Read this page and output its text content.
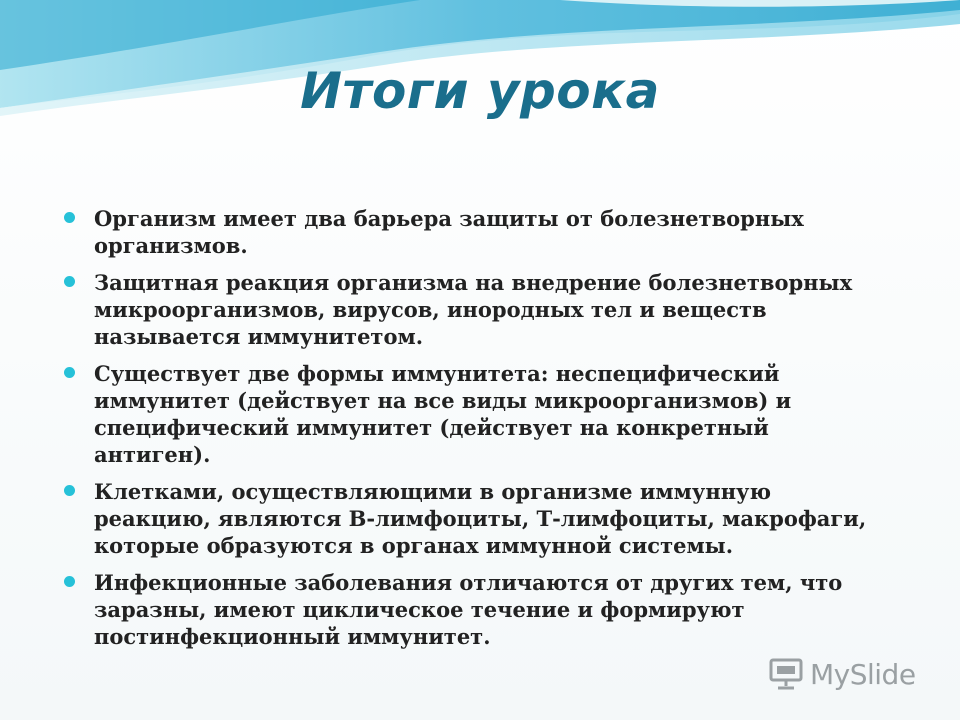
Итоги урока
Организм имеет два барьера защиты от болезнетворных организмов.
Защитная реакция организма на внедрение болезнетворных микроорганизмов, вирусов, инородных тел и веществ называется иммунитетом.
Существует две формы иммунитета: неспецифический иммунитет (действует на все виды микроорганизмов) и специфический иммунитет (действует на конкретный антиген).
Клетками, осуществляющими в организме иммунную реакцию, являются В-лимфоциты, Т-лимфоциты, макрофаги, которые образуются в органах иммунной системы.
Инфекционные заболевания отличаются от других тем, что заразны, имеют циклическое течение и формируют постинфекционный иммунитет.
MySlide
